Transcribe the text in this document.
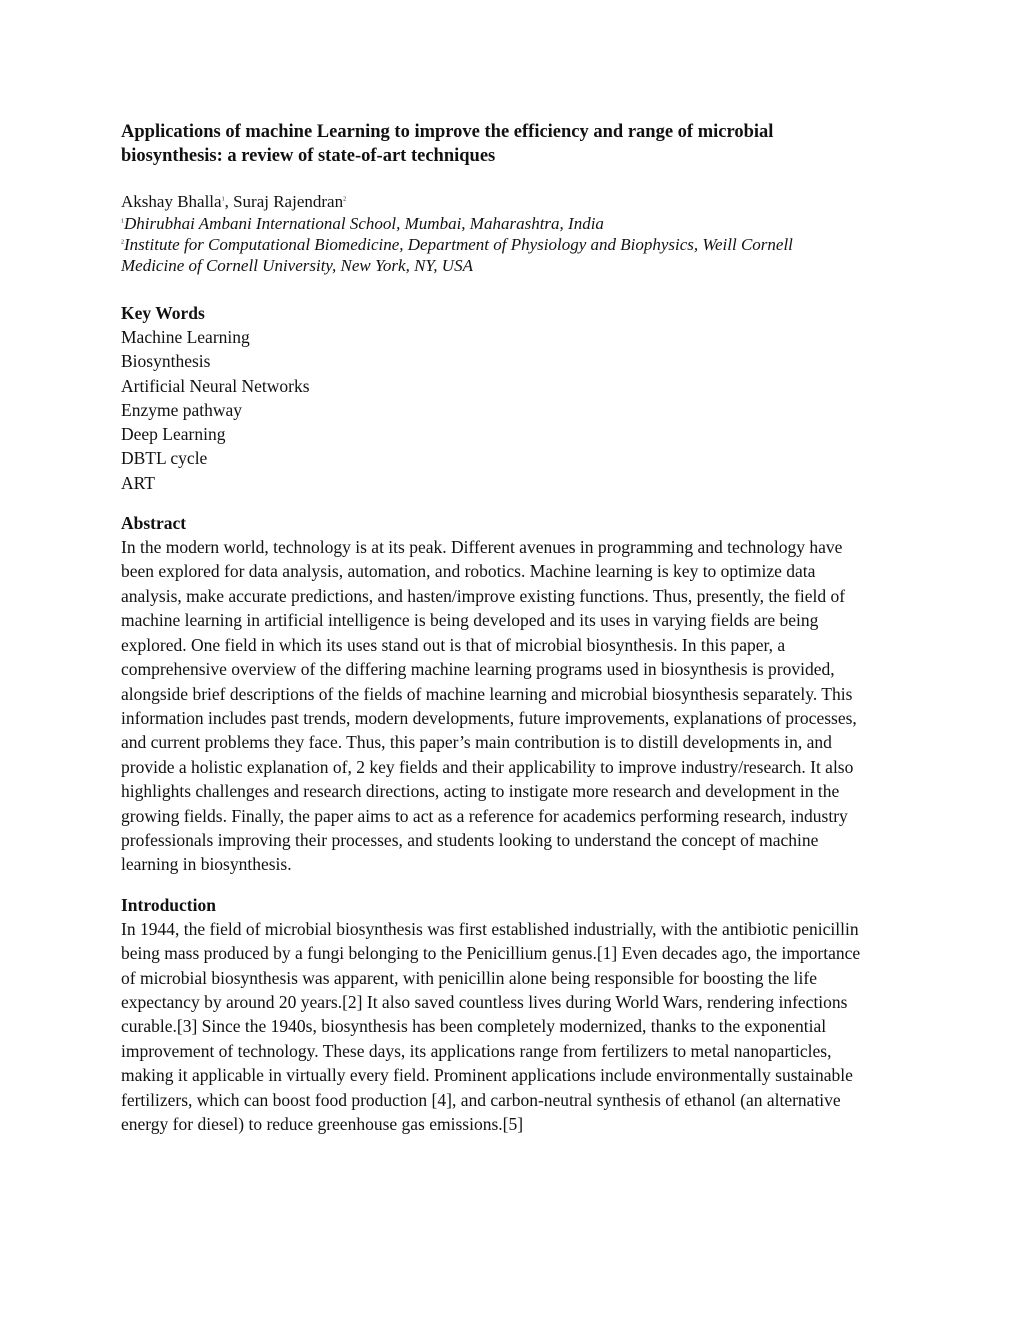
Applications of machine Learning to improve the efficiency and range of microbial
biosynthesis: a review of state-of-art techniques
Akshay Bhalla$^1$, Suraj Rajendran$^2$
$^1$Dhirubhai Ambani International School, Mumbai, Maharashtra, India
$^2$Institute for Computational Biomedicine, Department of Physiology and Biophysics, Weill Cornell
Medicine of Cornell University, New York, NY, USA
Key Words
Machine Learning
Biosynthesis
Artificial Neural Networks
Enzyme pathway
Deep Learning
DBTL cycle
ART
Abstract
In the modern world, technology is at its peak. Different avenues in programming and technology have
been explored for data analysis, automation, and robotics. Machine learning is key to optimize data
analysis, make accurate predictions, and hasten/improve existing functions. Thus, presently, the field of
machine learning in artificial intelligence is being developed and its uses in varying fields are being
explored. One field in which its uses stand out is that of microbial biosynthesis. In this paper, a
comprehensive overview of the differing machine learning programs used in biosynthesis is provided,
alongside brief descriptions of the fields of machine learning and microbial biosynthesis separately. This
information includes past trends, modern developments, future improvements, explanations of processes,
and current problems they face. Thus, this paper’s main contribution is to distill developments in, and
provide a holistic explanation of, 2 key fields and their applicability to improve industry/research. It also
highlights challenges and research directions, acting to instigate more research and development in the
growing fields. Finally, the paper aims to act as a reference for academics performing research, industry
professionals improving their processes, and students looking to understand the concept of machine
learning in biosynthesis.
Introduction
In 1944, the field of microbial biosynthesis was first established industrially, with the antibiotic penicillin
being mass produced by a fungi belonging to the Penicillium genus.[1] Even decades ago, the importance
of microbial biosynthesis was apparent, with penicillin alone being responsible for boosting the life
expectancy by around 20 years.[2] It also saved countless lives during World Wars, rendering infections
curable.[3] Since the 1940s, biosynthesis has been completely modernized, thanks to the exponential
improvement of technology. These days, its applications range from fertilizers to metal nanoparticles,
making it applicable in virtually every field. Prominent applications include environmentally sustainable
fertilizers, which can boost food production [4], and carbon-neutral synthesis of ethanol (an alternative
energy for diesel) to reduce greenhouse gas emissions.[5]
